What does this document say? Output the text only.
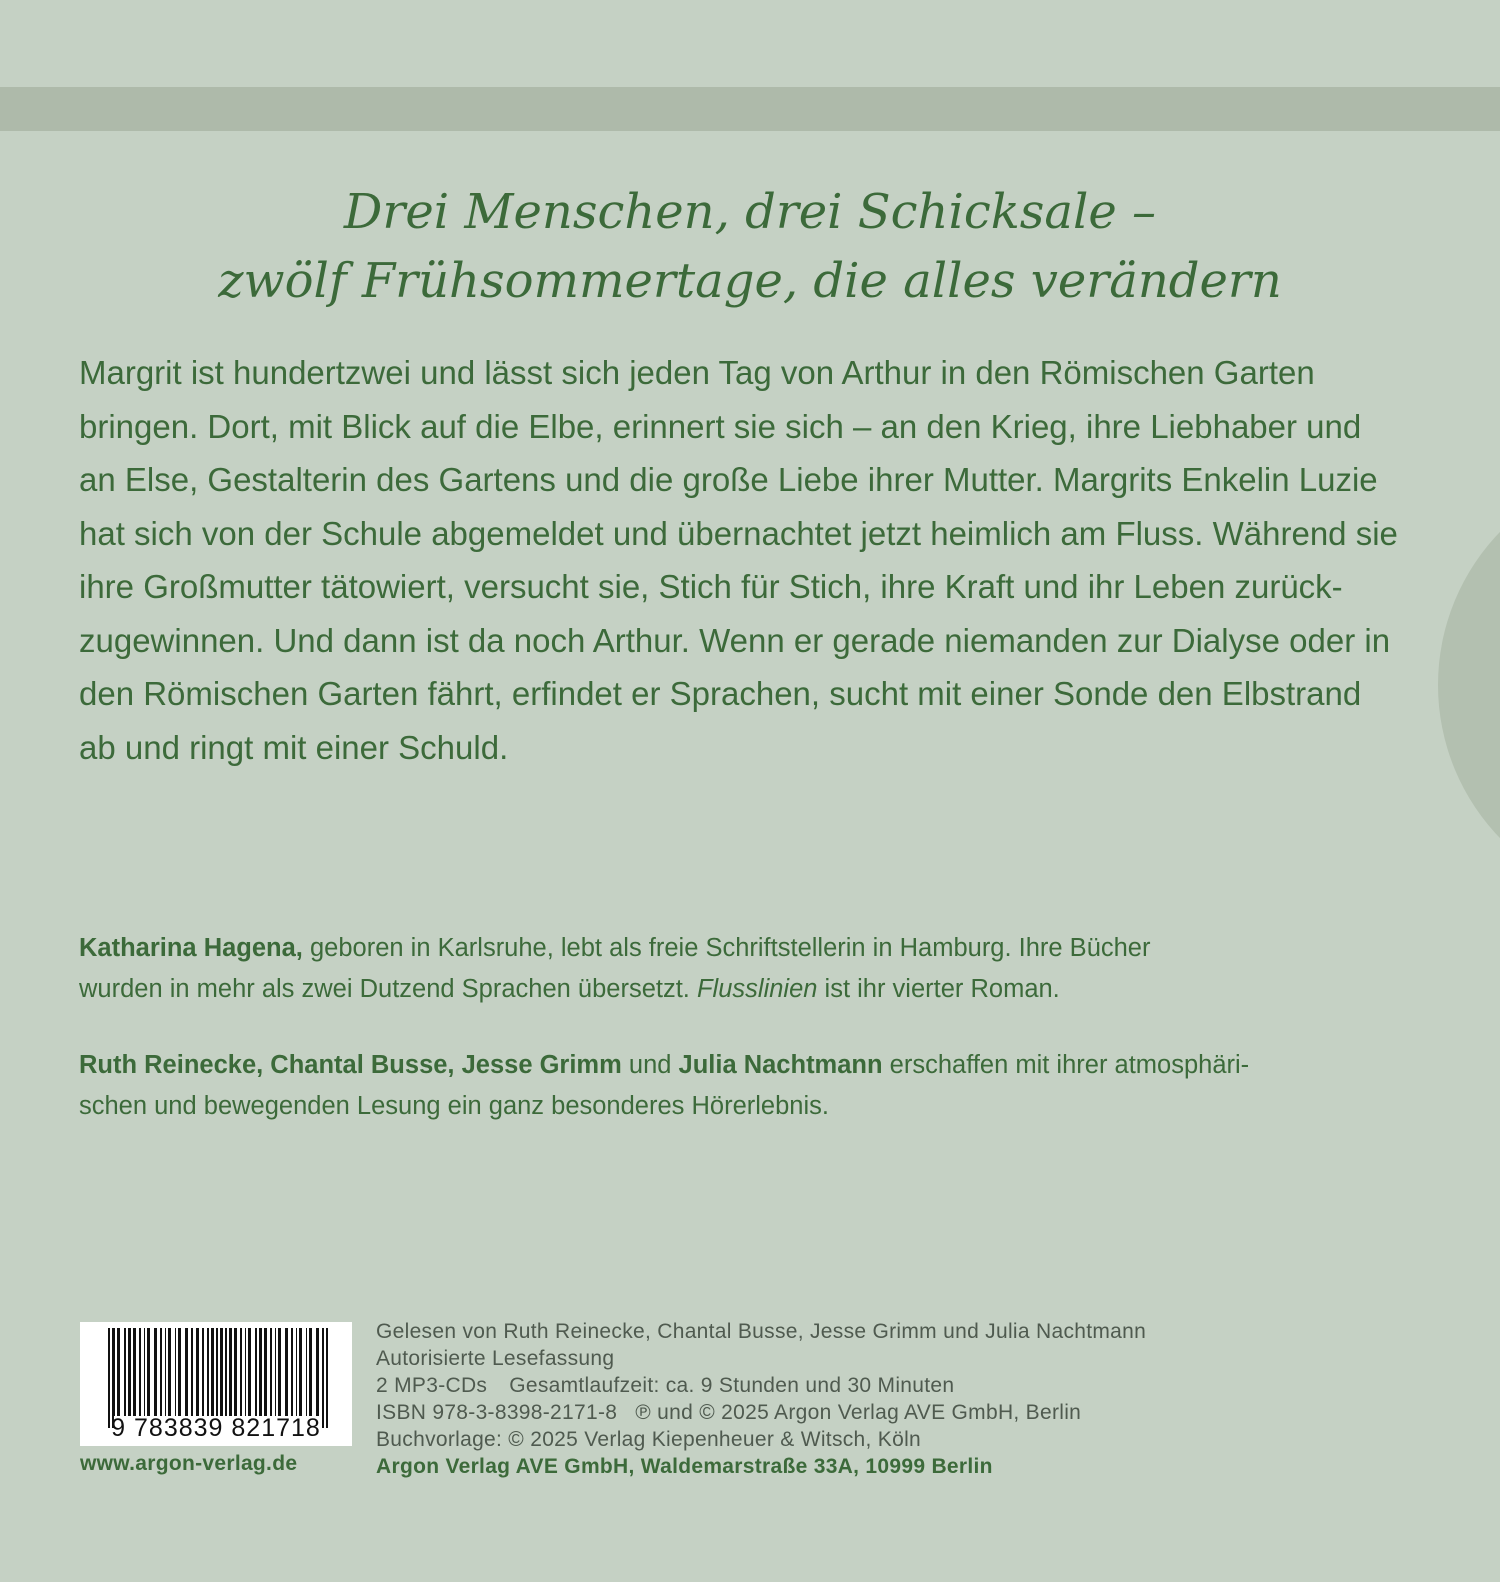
Drei Menschen, drei Schicksale –
zwölf Frühsommertage, die alles verändern
Margrit ist hundertzwei und lässt sich jeden Tag von Arthur in den Römischen Garten
bringen. Dort, mit Blick auf die Elbe, erinnert sie sich – an den Krieg, ihre Liebhaber und
an Else, Gestalterin des Gartens und die große Liebe ihrer Mutter. Margrits Enkelin Luzie
hat sich von der Schule abgemeldet und übernachtet jetzt heimlich am Fluss. Während sie
ihre Großmutter tätowiert, versucht sie, Stich für Stich, ihre Kraft und ihr Leben zurück-
zugewinnen. Und dann ist da noch Arthur. Wenn er gerade niemanden zur Dialyse oder in
den Römischen Garten fährt, erfindet er Sprachen, sucht mit einer Sonde den Elbstrand
ab und ringt mit einer Schuld.
Katharina Hagena, geboren in Karlsruhe, lebt als freie Schriftstellerin in Hamburg. Ihre Bücher
wurden in mehr als zwei Dutzend Sprachen übersetzt. Flusslinien ist ihr vierter Roman.
Ruth Reinecke, Chantal Busse, Jesse Grimm und Julia Nachtmann erschaffen mit ihrer atmosphäri-
schen und bewegenden Lesung ein ganz besonderes Hörerlebnis.
9 783839 821718
www.argon-verlag.de
Gelesen von Ruth Reinecke, Chantal Busse, Jesse Grimm und Julia Nachtmann
Autorisierte Lesefassung
2 MP3-CDs Gesamtlaufzeit: ca. 9 Stunden und 30 Minuten
ISBN 978-3-8398-2171-8 ℗ und © 2025 Argon Verlag AVE GmbH, Berlin
Buchvorlage: © 2025 Verlag Kiepenheuer & Witsch, Köln
Argon Verlag AVE GmbH, Waldemarstraße 33A, 10999 Berlin
